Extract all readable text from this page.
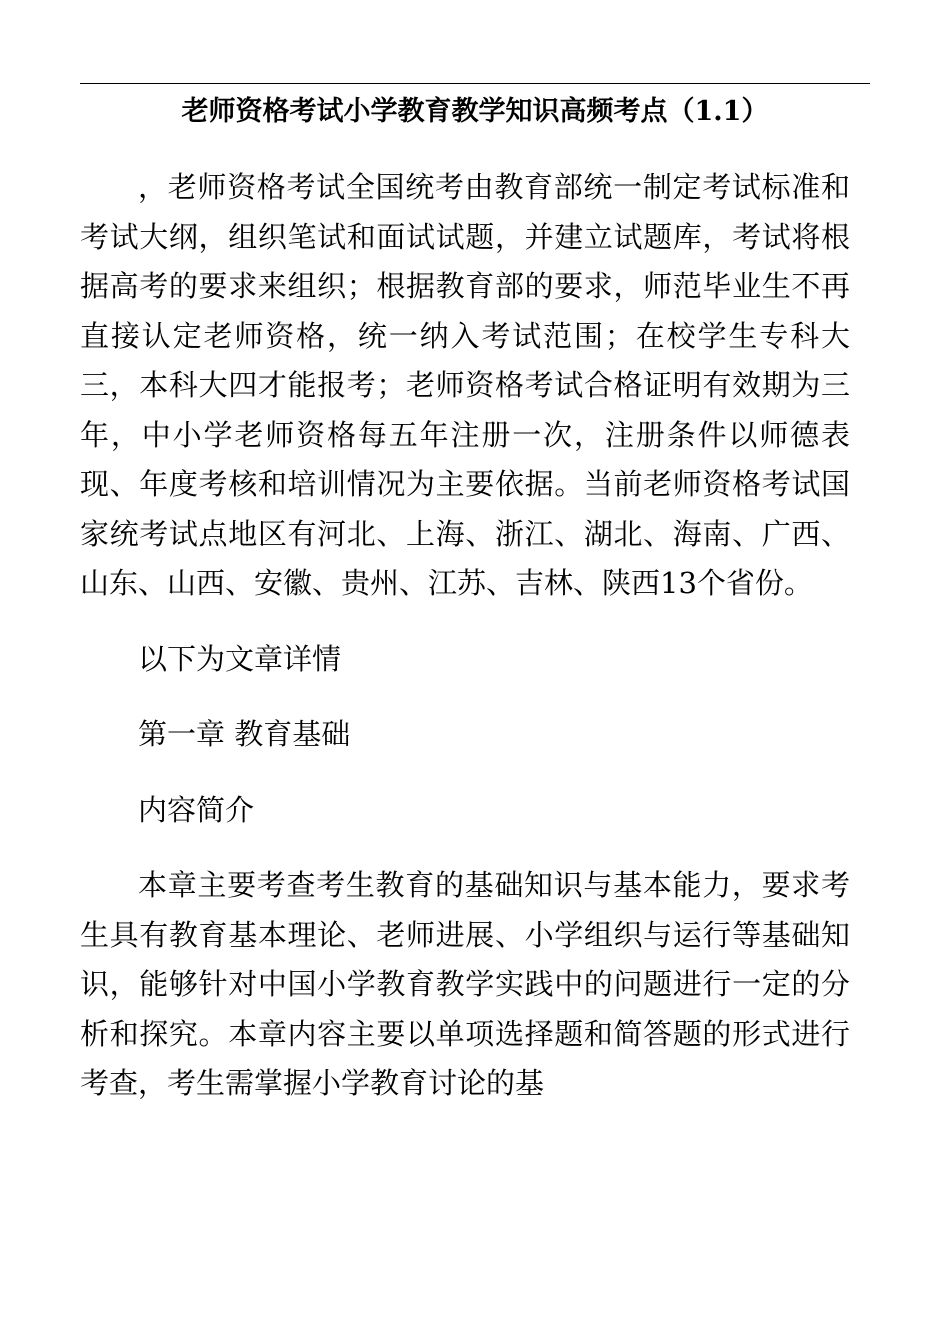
老师资格考试小学教育教学知识高频考点（1.1）

，老师资格考试全国统考由教育部统一制定考试标准和考试大纲，组织笔试和面试试题，并建立试题库，考试将根据高考的要求来组织；根据教育部的要求，师范毕业生不再直接认定老师资格，统一纳入考试范围；在校学生专科大三，本科大四才能报考；老师资格考试合格证明有效期为三年，中小学老师资格每五年注册一次，注册条件以师德表现、年度考核和培训情况为主要依据。当前老师资格考试国家统考试点地区有河北、上海、浙江、湖北、海南、广西、山东、山西、安徽、贵州、江苏、吉林、陕西13个省份。

以下为文章详情

第一章 教育基础

内容简介

本章主要考查考生教育的基础知识与基本能力，要求考生具有教育基本理论、老师进展、小学组织与运行等基础知识，能够针对中国小学教育教学实践中的问题进行一定的分析和探究。本章内容主要以单项选择题和简答题的形式进行考查，考生需掌握小学教育讨论的基
